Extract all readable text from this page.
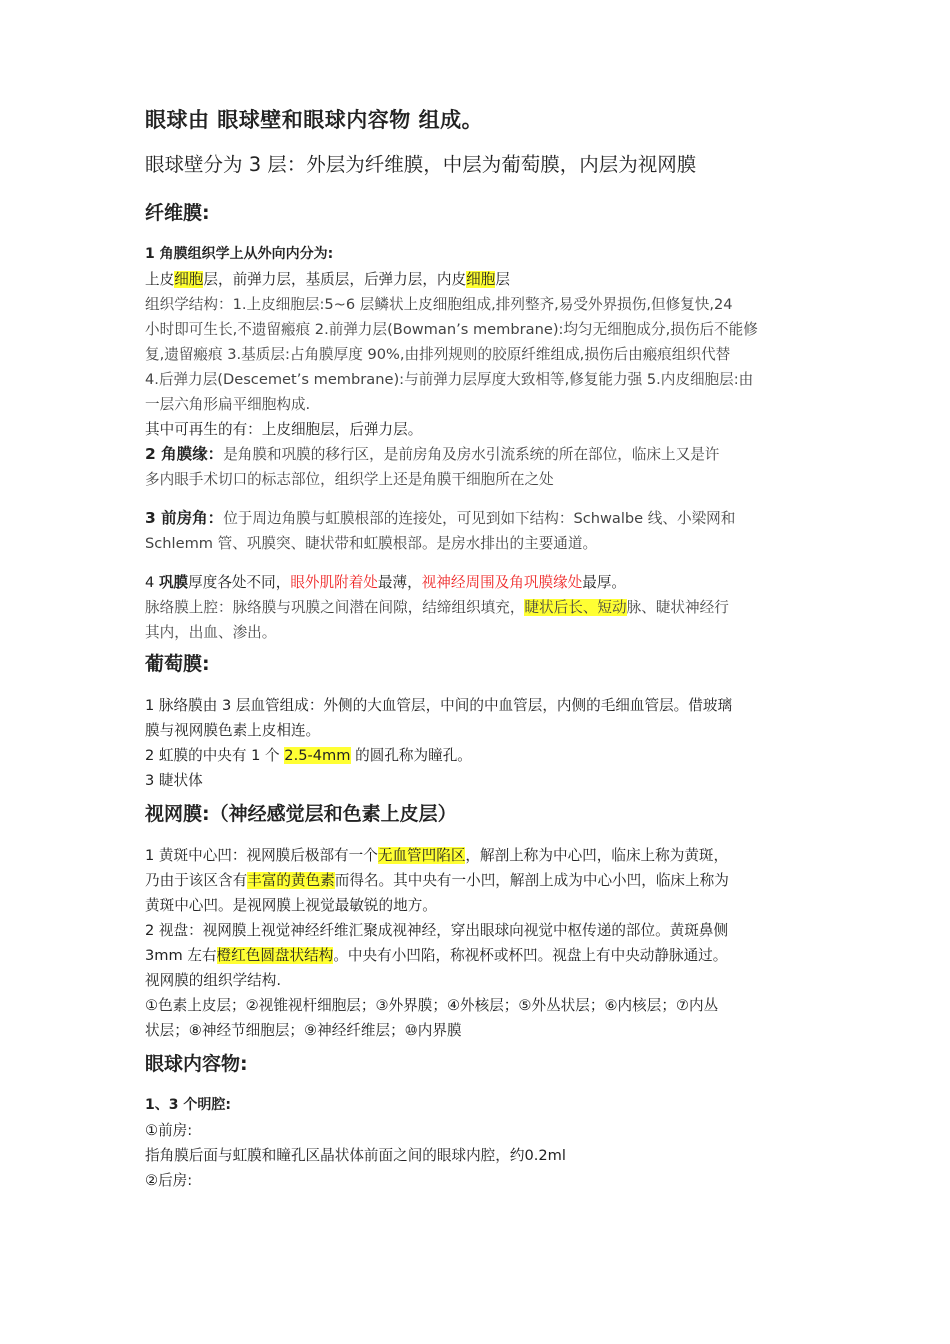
眼球由 眼球壁和眼球内容物 组成。
眼球壁分为 3 层：外层为纤维膜，中层为葡萄膜，内层为视网膜
纤维膜:
1 角膜组织学上从外向内分为:
上皮细胞层，前弹力层，基质层，后弹力层，内皮细胞层
组织学结构：1.上皮细胞层:5~6 层鳞状上皮细胞组成,排列整齐,易受外界损伤,但修复快,24
小时即可生长,不遗留瘢痕 2.前弹力层(Bowman’s membrane):均匀无细胞成分,损伤后不能修
复,遗留瘢痕 3.基质层:占角膜厚度 90%,由排列规则的胶原纤维组成,损伤后由瘢痕组织代替
4.后弹力层(Descemet’s membrane):与前弹力层厚度大致相等,修复能力强 5.内皮细胞层:由
一层六角形扁平细胞构成.
其中可再生的有：上皮细胞层，后弹力层。
2 角膜缘：是角膜和巩膜的移行区，是前房角及房水引流系统的所在部位，临床上又是许
多内眼手术切口的标志部位，组织学上还是角膜干细胞所在之处
3 前房角：位于周边角膜与虹膜根部的连接处，可见到如下结构：Schwalbe 线、小梁网和
Schlemm 管、巩膜突、睫状带和虹膜根部。是房水排出的主要通道。
4 巩膜厚度各处不同，眼外肌附着处最薄，视神经周围及角巩膜缘处最厚。
脉络膜上腔：脉络膜与巩膜之间潜在间隙，结缔组织填充，睫状后长、短动脉、睫状神经行
其内，出血、渗出。
葡萄膜:
1 脉络膜由 3 层血管组成：外侧的大血管层，中间的中血管层，内侧的毛细血管层。借玻璃
膜与视网膜色素上皮相连。
2 虹膜的中央有 1 个 2.5-4mm 的圆孔称为瞳孔。
3 睫状体
视网膜:（神经感觉层和色素上皮层）
1 黄斑中心凹：视网膜后极部有一个无血管凹陷区，解剖上称为中心凹，临床上称为黄斑，
乃由于该区含有丰富的黄色素而得名。其中央有一小凹，解剖上成为中心小凹，临床上称为
黄斑中心凹。是视网膜上视觉最敏锐的地方。
2 视盘：视网膜上视觉神经纤维汇聚成视神经，穿出眼球向视觉中枢传递的部位。黄斑鼻侧
3mm 左右橙红色圆盘状结构。中央有小凹陷，称视杯或杯凹。视盘上有中央动静脉通过。
视网膜的组织学结构.
①色素上皮层；②视锥视杆细胞层；③外界膜；④外核层；⑤外丛状层；⑥内核层；⑦内丛
状层；⑧神经节细胞层；⑨神经纤维层；⑩内界膜
眼球内容物:
1、3 个明腔:
①前房:
指角膜后面与虹膜和瞳孔区晶状体前面之间的眼球内腔，约0.2ml
②后房:
